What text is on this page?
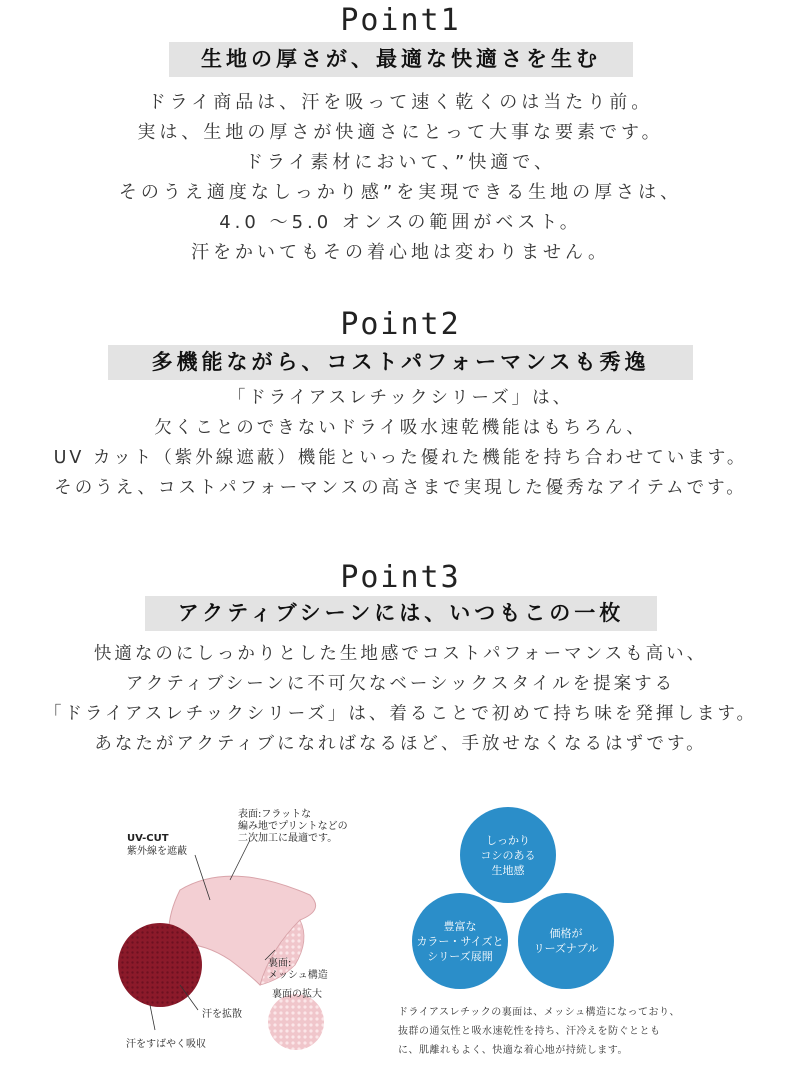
Point1
生地の厚さが、最適な快適さを生む
ドライ商品は、汗を吸って速く乾くのは当たり前。
実は、生地の厚さが快適さにとって大事な要素です。
ドライ素材において、”快適で、
そのうえ適度なしっかり感”を実現できる生地の厚さは、
4.0 〜5.0 オンスの範囲がベスト。
汗をかいてもその着心地は変わりません。
Point2
多機能ながら、コストパフォーマンスも秀逸
「ドライアスレチックシリーズ」は、
欠くことのできないドライ吸水速乾機能はもちろん、
UV カット（紫外線遮蔽）機能といった優れた機能を持ち合わせています。
そのうえ、コストパフォーマンスの高さまで実現した優秀なアイテムです。
Point3
アクティブシーンには、いつもこの一枚
快適なのにしっかりとした生地感でコストパフォーマンスも高い、
アクティブシーンに不可欠なベーシックスタイルを提案する
「ドライアスレチックシリーズ」は、着ることで初めて持ち味を発揮します。
あなたがアクティブになればなるほど、手放せなくなるはずです。
表面:フラットな
編み地でプリントなどの
二次加工に最適です。
UV-CUT
紫外線を遮蔽
裏面:
メッシュ構造
裏面の拡大
汗を拡散
汗をすばやく吸収
しっかり
コシのある
生地感
豊富な
カラー・サイズと
シリーズ展開
価格が
リーズナブル
ドライアスレチックの裏面は、メッシュ構造になっており、
抜群の通気性と吸水速乾性を持ち、汗冷えを防ぐととも
に、肌離れもよく、快適な着心地が持続します。
